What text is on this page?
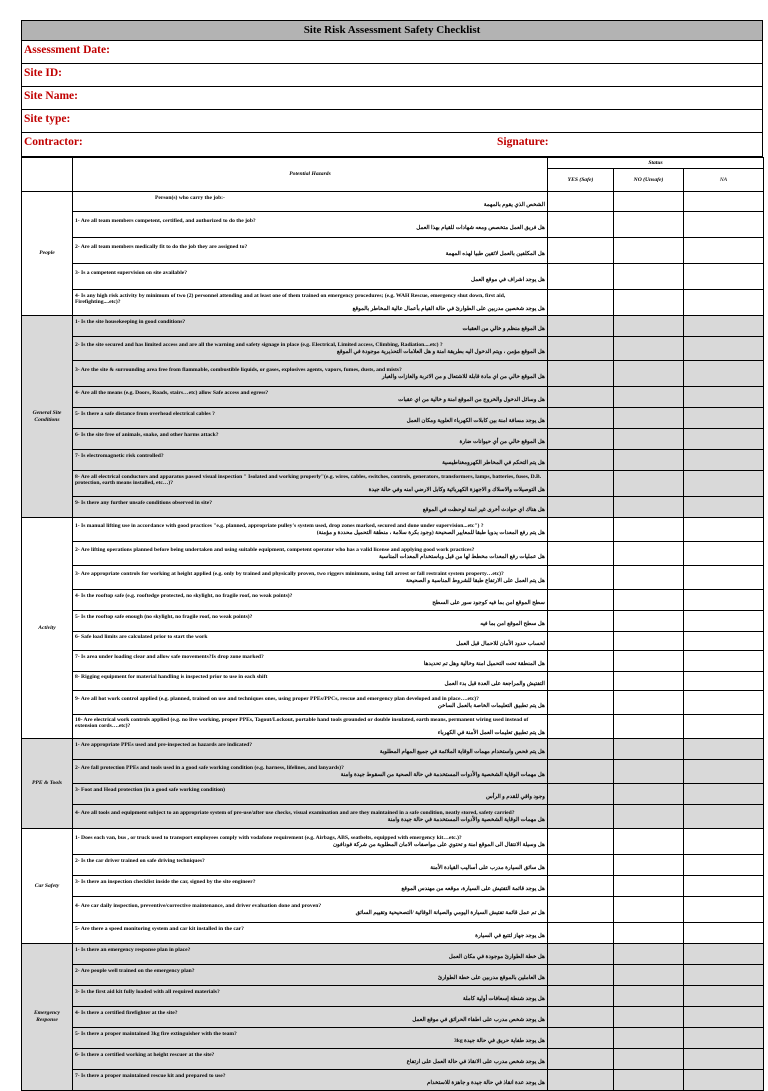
Site Risk Assessment Safety Checklist
Assessment Date:
Site ID:
Site Name:
Site type:
Contractor:	Signature:
	Potential Hazards	Status		
		YES (Safe)	NO (Unsafe)	NA
People	Person(s) who carry the job:-
الشخص الذي يقوم بالمهمة			

	1- Are all team members competent, certified, and authorized to do the job?
هل فريق العمل متخصص ومعه شهادات للقيام بهذا العمل			

	2- Are all team members medically fit to do the job they are assigned to?
هل المكلفين بالعمل لائقين طبيا لهذه المهمة			

	3- Is a competent supervision on site available?
هل يوجد اشراف في موقع العمل			

	4- Is any high risk activity by minimum of two (2) personnel attending and at least one of them trained on emergency procedures; (e.g. WAH Rescue, emergency shut down, first aid, Firefighting....etc)?
هل يوجد شخصين مدربين على الطوارئ في حالة القيام بأعمال عالية المخاطر بالموقع			

General Site Conditions	1- Is the site housekeeping in good conditions?
هل الموقع منظم و خالي من العقبات			

	2- Is the site secured and has limited access and are all the warning and safety signage in place (e.g. Electrical, Limited access, Climbing, Radiation....etc) ?
هل الموقع مؤمن ، ويتم الدخول اليه بطريقة امنة و هل العلامات التحذيرية موجودة في الموقع			

	3- Are the site & surrounding area free from flammable, combustible liquids, or gases, explosives agents, vapors, fumes, dusts, and mists?
هل الموقع خالي من اي مادة قابلة للاشتعال و من الاتربة والغازات والغبار			

	4- Are all the means (e.g. Doors, Roads, stairs…etc) allow Safe access and egress?
هل وسائل الدخول والخروج من الموقع امنة و خالية من اي عقبات			

	5- Is there a safe distance from overhead electrical cables ?
هل يوجد مسافة امنة بين كابلات الكهرباء العلوية ومكان العمل			

	6- Is the site free of animals, snake, and other harms attack?
هل الموقع خالي من أي حيوانات ضارة			

	7- Is electromagnetic risk controlled?
هل يتم التحكم في المخاطر الكهرومغناطيسية			

	8- Are all electrical conductors and apparatus passed visual inspection " Isolated and working properly"(e.g. wires, cables, switches, controls, generators, transformers, lamps, batteries, fuses, D.B. protection, earth means installed, etc…)?
هل التوصيلات والاسلاك و الاجهزة الكهربائية وكابل الارضي امنه وفي حالة جيدة			

	9- Is there any further unsafe conditions observed in site?
هل هناك اي حوادث أخرى غير امنة لوحظت في الموقع			

Activity	1- Is manual lifting use in accordance with good practices "e.g. planned, appropriate pulley's system used, drop zones marked, secured and done under supervision...etc") ?
هل يتم رفع المعدات يدويا طبقا للمعايير الصحيحة (وجود بكرة سلامة ، منطقة التحميل محددة و مؤمنة)			

	2- Are lifting operations planned before being undertaken and using suitable equipment, competent operator who has a valid license and applying good work practices?
هل عمليات رفع المعدات مخطط لها من قبل وباستخدام المعدات المناسبة			

	3- Are appropriate controls for working at height applied (e.g. only by trained and physically proven, two riggers minimum, using fall arrest or fall restraint system property…etc)?
هل يتم العمل على الارتفاع طبقا للشروط المناسبة و الصحيحة			

	4- Is the rooftop safe (e.g. rooftedge protected, no skylight, no fragile roof, no weak points)?
سطح الموقع امن بما فيه كوجود سور على السطح			

	5- Is the rooftop safe enough (no skylight, no fragile roof, no weak points)?
هل سطح الموقع امن بما فيه			

	6- Safe load limits are calculated prior to start the work
لحساب حدود الأمان للاحمال قبل العمل			

	7- Is area under loading clear and allow safe movements?Is drop zone marked?
هل المنطقة تحت التحميل امنة وخالية وهل تم تحديدها			

	8- Rigging equipment for material handling is inspected prior to use in each shift
التفتيش والمراجعة على العدة قبل بدء العمل			

	9- Are all hot work control applied (e.g. planned, trained on use and techniques ones, using proper PPEs/PPCs, rescue and emergency plan developed and in place….etc)?
هل يتم تطبيق التعليمات الخاصة بالعمل الساخن			

	10- Are electrical work controls applied (e.g. no live working, proper PPEs, Tagout/Lockout, portable hand tools grounded or double insulated, earth means, permanent wiring used instead of extension cords….etc)?
هل يتم تطبيق تعليمات العمل الأمنة في الكهرباء			

PPE & Tools	1- Are appropriate PPEs used and pre-inspected as hazards are indicated?
هل يتم فحص واستخدام مهمات الوقاية الملائمة في جميع المهام المطلوبة			

	2- Are fall protection PPEs and tools used in a good safe working condition (e.g. harness, lifelines, and lanyards)?
هل مهمات الوقاية الشخصية والأدوات المستخدمة في حالة الصحية من السقوط جيدة وامنة			

	3- Foot and Head protection (in a good safe working condition)
وجود واقي للقدم و الرأس			

	4- Are all tools and equipment subject to an appropriate system of pre-use/after use checks, visual examination and are they maintained in a safe condition, neatly stored, safety carried?
هل مهمات الوقاية الشخصية والأدوات المستخدمة في حالة جيدة وامنة			

Car Safety	1- Does each van, bus , or truck used to transport employees comply with vodafone requirement (e.g. Airbags, ABS, seatbelts, equipped with emergency kit…etc.)?
هل وسيلة الانتقال الى الموقع امنة و تحتوي على مواصفات الامان المطلوبة من شركة فودافون			

	2- Is the car driver trained on safe driving techniques?
هل سائق السيارة مدرب على أساليب القيادة الأمنة			

	3- Is there an inspection checklist inside the car, signed by the site engineer?
هل يوجد قائمة التفتيش على السيارة، موقعه من مهندس الموقع			

	4- Are car daily inspection, preventive/corrective maintenance, and driver evaluation done and proven?
هل تم عمل قائمة تفتيش السيارة اليومي والصيانة الوقائية /التصحيحية وتقييم السائق			

	5- Are there a speed monitoring system and car kit installed in the car?
هل يوجد جهاز لتتبع في السيارة			

Emergency Response	1- Is there an emergency response plan in place?
هل خطة الطوارئ موجودة في مكان العمل			

	2- Are people well trained on the emergency plan?
هل العاملين بالموقع مدربين على خطة الطوارئ			

	3- Is the first aid kit fully loaded with all required materials?
هل يوجد شنطة إسعافات أولية كاملة			

	4- Is there a certified firefighter at the site?
هل يوجد شخص مدرب على اطفاء الحرائق في موقع العمل			

	5- Is there a proper maintained 3kg fire extinguisher with the team?
هل يوجد طفاية حريق في حالة جيدة 3kg			

	6- Is there a certified working at height rescuer at the site?
هل يوجد شخص مدرب على الانقاذ في حالة العمل على ارتفاع			

	7- Is there a proper maintained rescue kit and prepared to use?
هل يوجد عدة انقاذ في حالة جيدة و جاهزة للاستخدام			
